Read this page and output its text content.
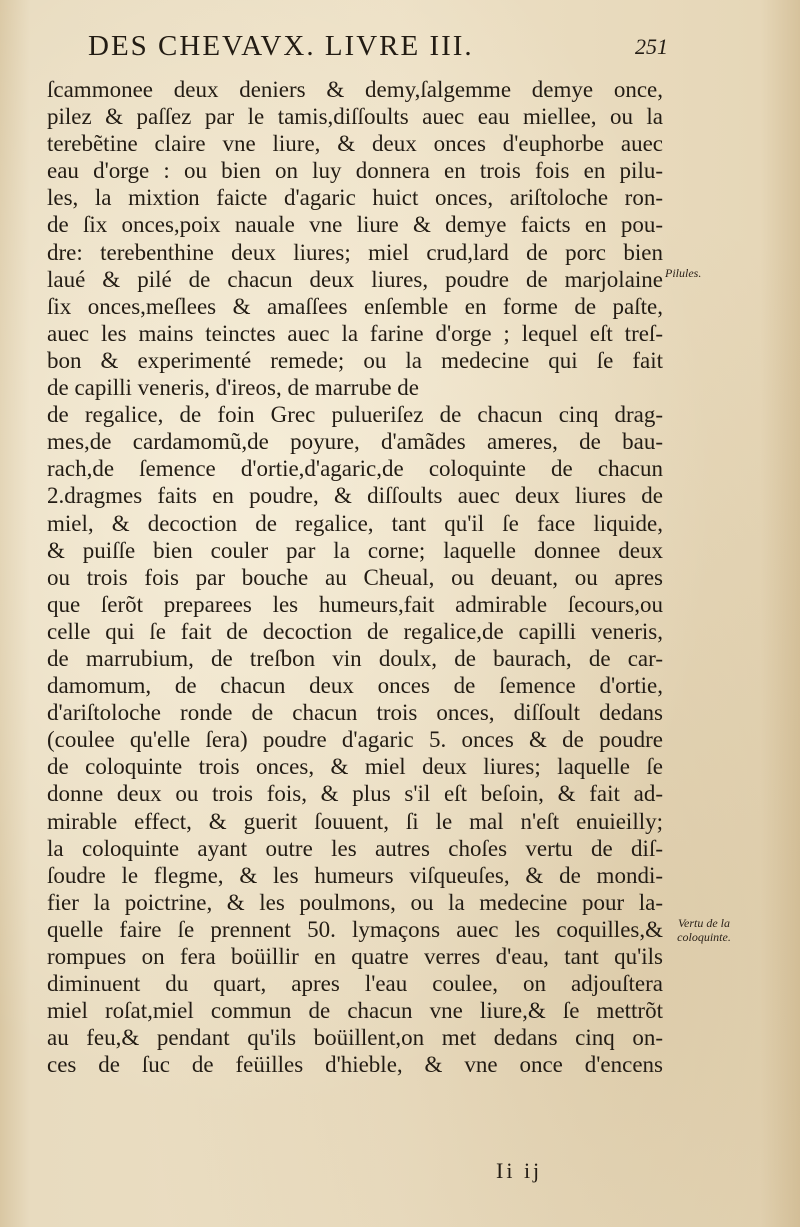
DES CHEVAVX. LIVRE III.	251
ſcammonee deux deniers & demy,ſalgemme demye once,
pilez & paſſez par le tamis,diſſoults auec eau miellee, ou la
terebẽtine claire vne liure, & deux onces d'euphorbe auec
eau d'orge : ou bien on luy donnera en trois fois en pilu-
les, la mixtion faicte d'agaric huict onces, ariſtoloche ron-
de ſix onces,poix nauale vne liure & demye faicts en pou-
dre: terebenthine deux liures; miel crud,lard de porc bien
laué & pilé de chacun deux liures, poudre de marjolaine
ſix onces,meſlees & amaſſees enſemble en forme de paſte,
auec les mains teinctes auec la farine d'orge ; lequel eſt treſ-
bon & experimenté remede; ou la medecine qui ſe fait
de capilli veneris, d'ireos, de marrube de
de regalice, de foin Grec pulueriſez de chacun cinq drag-
mes,de cardamomũ,de poyure, d'amãdes ameres, de bau-
rach,de ſemence d'ortie,d'agaric,de coloquinte de chacun
2.dragmes faits en poudre, & diſſoults auec deux liures de
miel, & decoction de regalice, tant qu'il ſe face liquide,
& puiſſe bien couler par la corne; laquelle donnee deux
ou trois fois par bouche au Cheual, ou deuant, ou apres
que ſerõt preparees les humeurs,fait admirable ſecours,ou
celle qui ſe fait de decoction de regalice,de capilli veneris,
de marrubium, de treſbon vin doulx, de baurach, de car-
damomum, de chacun deux onces de ſemence d'ortie,
d'ariſtoloche ronde de chacun trois onces, diſſoult dedans
(coulee qu'elle ſera) poudre d'agaric 5. onces & de poudre
de coloquinte trois onces, & miel deux liures; laquelle ſe
donne deux ou trois fois, & plus s'il eſt beſoin, & fait ad-
mirable effect, & guerit ſouuent, ſi le mal n'eſt enuieilly;
la coloquinte ayant outre les autres choſes vertu de diſ-
ſoudre le flegme, & les humeurs viſqueuſes, & de mondi-
fier la poictrine, & les poulmons, ou la medecine pour la-
quelle faire ſe prennent 50. lymaçons auec les coquilles,&
rompues on fera boüillir en quatre verres d'eau, tant qu'ils
diminuent du quart, apres l'eau coulee, on adjouſtera
miel roſat,miel commun de chacun vne liure,& ſe mettrõt
au feu,& pendant qu'ils boüillent,on met dedans cinq on-
ces de ſuc de feüilles d'hieble, & vne once d'encens
Pilules.
Vertu de la
coloquinte.
Ii ij
